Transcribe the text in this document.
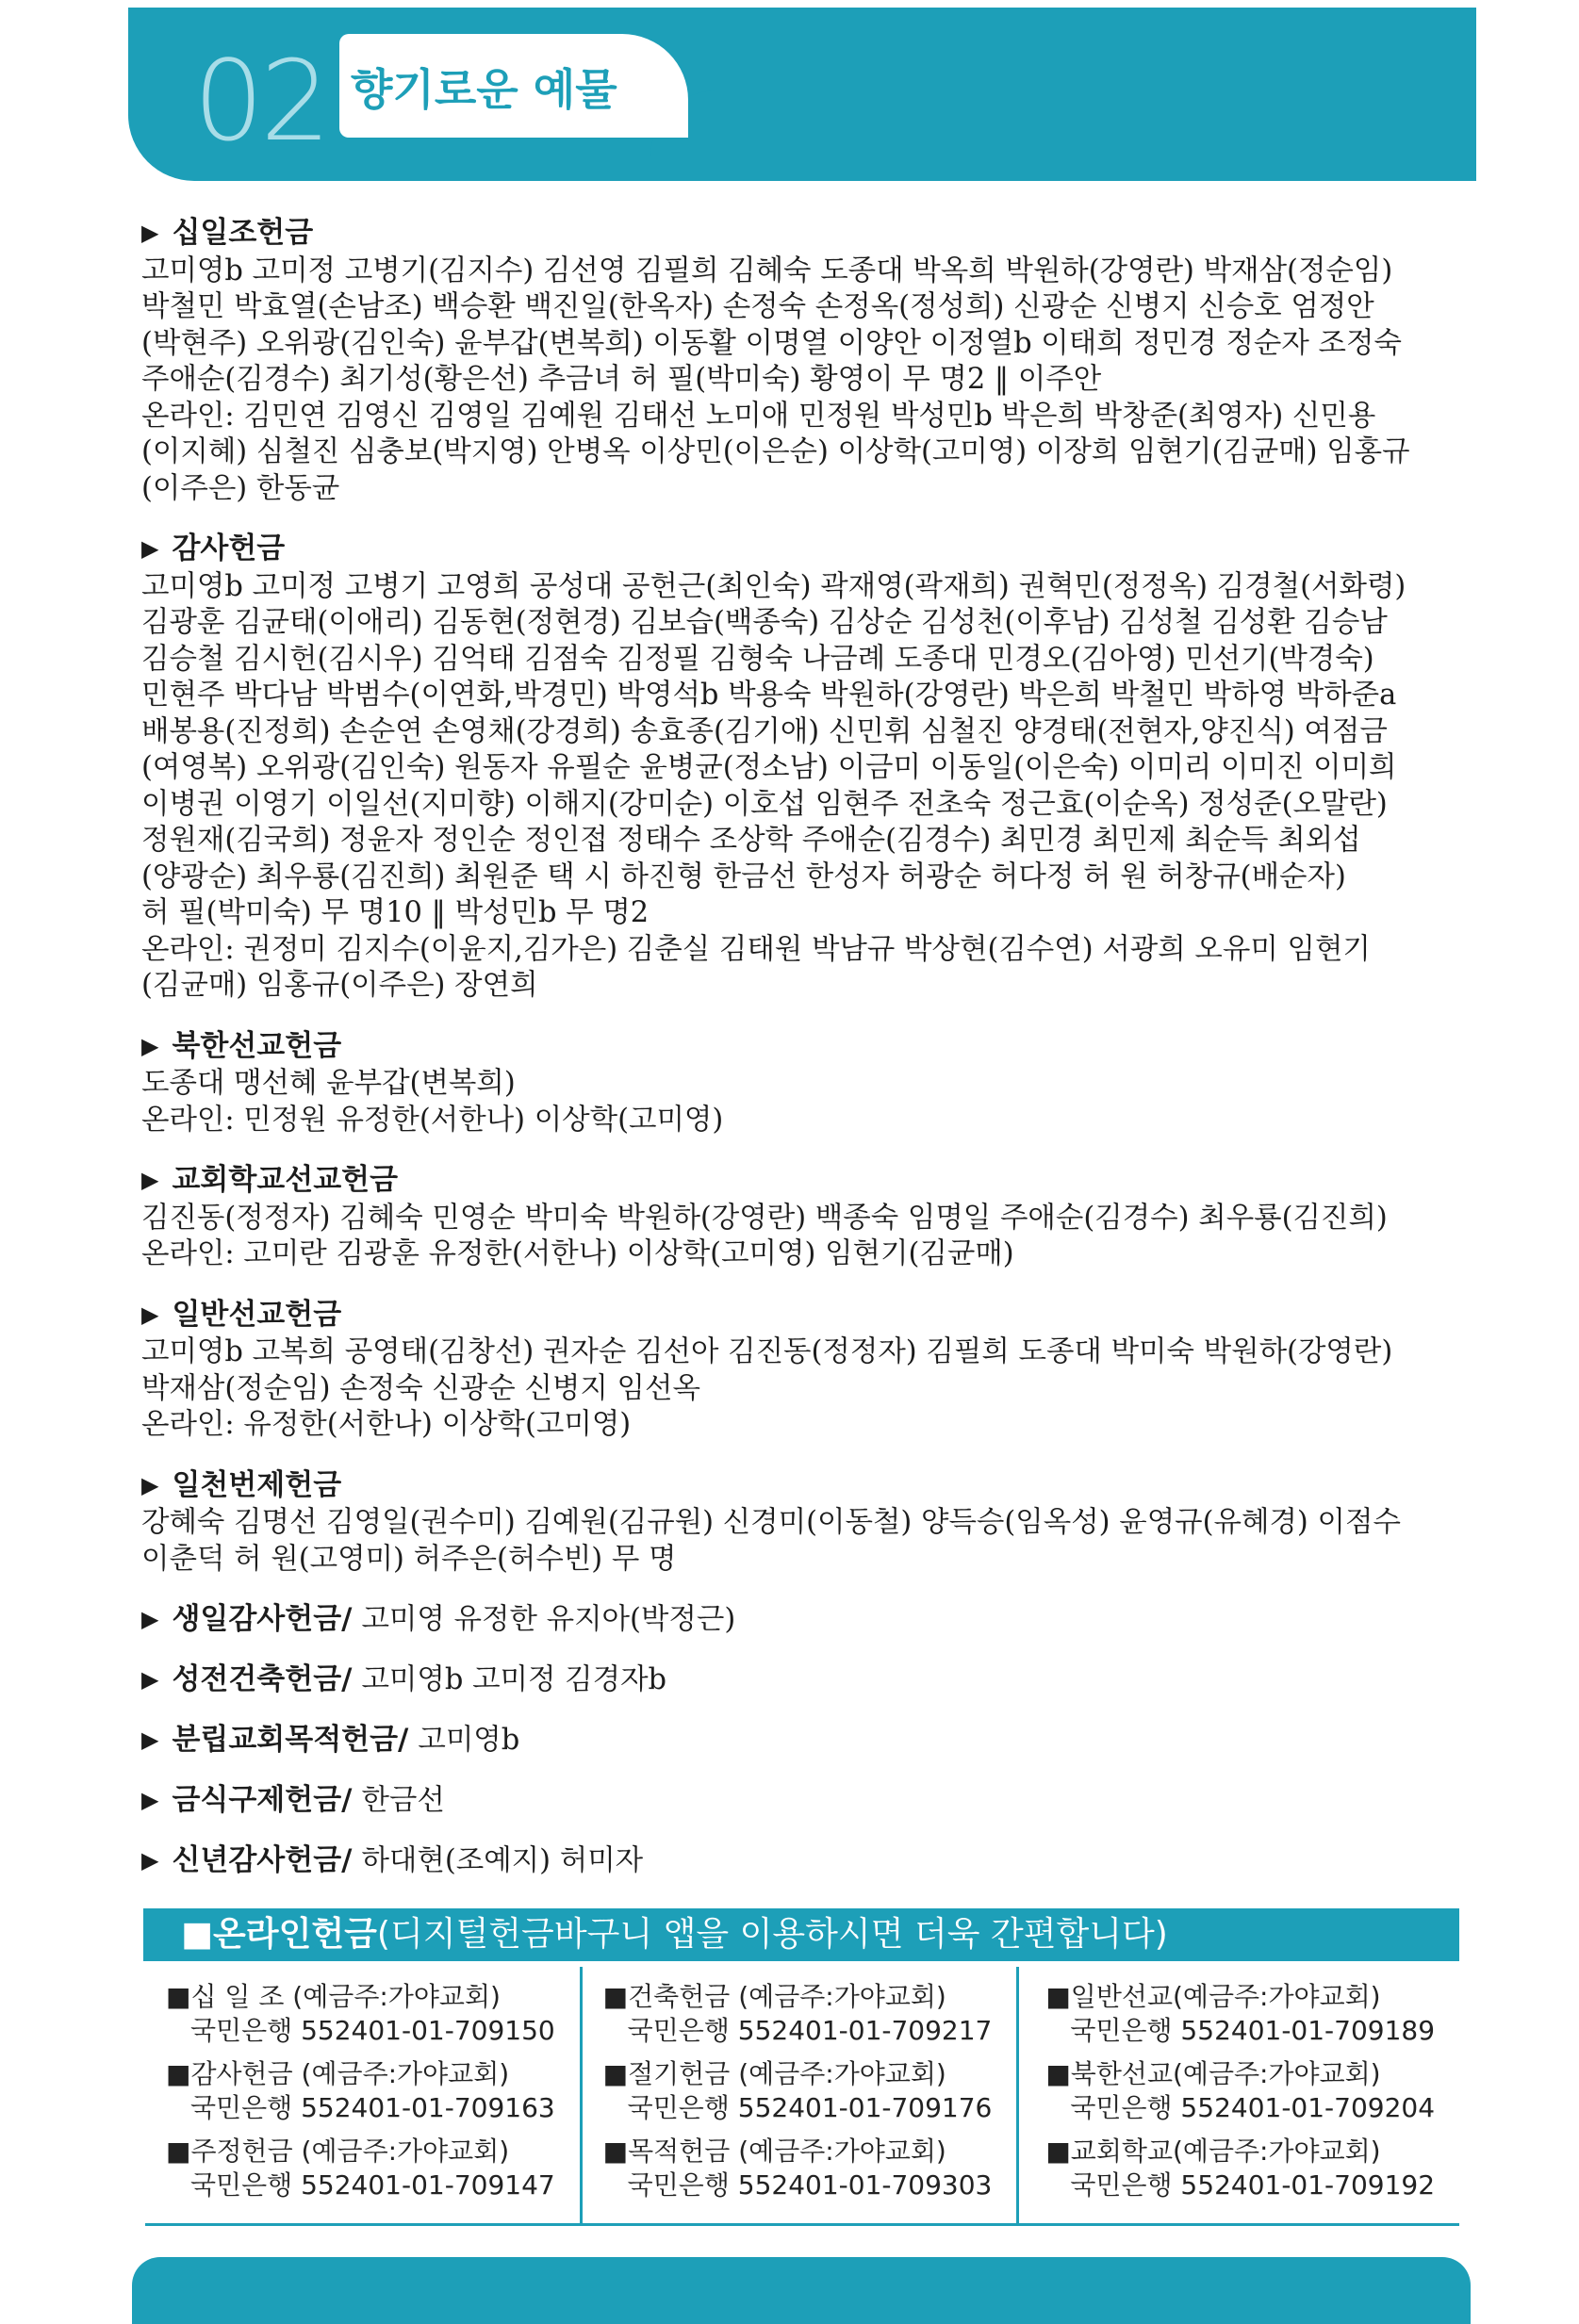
02 향기로운 예물
▶ 십일조헌금
고미영b 고미정 고병기(김지수) 김선영 김필희 김혜숙 도종대 박옥희 박원하(강영란) 박재삼(정순임)
박철민 박효열(손남조) 백승환 백진일(한옥자) 손정숙 손정옥(정성희) 신광순 신병지 신승호 엄정안
(박현주) 오위광(김인숙) 윤부갑(변복희) 이동활 이명열 이양안 이정열b 이태희 정민경 정순자 조정숙
주애순(김경수) 최기성(황은선) 추금녀 허 필(박미숙) 황영이 무 명2 ‖ 이주안
온라인: 김민연 김영신 김영일 김예원 김태선 노미애 민정원 박성민b 박은희 박창준(최영자) 신민용
(이지혜) 심철진 심충보(박지영) 안병옥 이상민(이은순) 이상학(고미영) 이장희 임현기(김균매) 임홍규
(이주은) 한동균
▶ 감사헌금
고미영b 고미정 고병기 고영희 공성대 공헌근(최인숙) 곽재영(곽재희) 권혁민(정정옥) 김경철(서화령)
김광훈 김균태(이애리) 김동현(정현경) 김보습(백종숙) 김상순 김성천(이후남) 김성철 김성환 김승남
김승철 김시헌(김시우) 김억태 김점숙 김정필 김형숙 나금례 도종대 민경오(김아영) 민선기(박경숙)
민현주 박다남 박범수(이연화,박경민) 박영석b 박용숙 박원하(강영란) 박은희 박철민 박하영 박하준a
배봉용(진정희) 손순연 손영채(강경희) 송효종(김기애) 신민휘 심철진 양경태(전현자,양진식) 여점금
(여영복) 오위광(김인숙) 원동자 유필순 윤병균(정소남) 이금미 이동일(이은숙) 이미리 이미진 이미희
이병권 이영기 이일선(지미향) 이해지(강미순) 이호섭 임현주 전초숙 정근효(이순옥) 정성준(오말란)
정원재(김국희) 정윤자 정인순 정인접 정태수 조상학 주애순(김경수) 최민경 최민제 최순득 최외섭
(양광순) 최우룡(김진희) 최원준 택 시 하진형 한금선 한성자 허광순 허다정 허 원 허창규(배순자)
허 필(박미숙) 무 명10 ‖ 박성민b 무 명2
온라인: 권정미 김지수(이윤지,김가은) 김춘실 김태원 박남규 박상현(김수연) 서광희 오유미 임현기
(김균매) 임홍규(이주은) 장연희
▶ 북한선교헌금
도종대 맹선혜 윤부갑(변복희)
온라인: 민정원 유정한(서한나) 이상학(고미영)
▶ 교회학교선교헌금
김진동(정정자) 김혜숙 민영순 박미숙 박원하(강영란) 백종숙 임명일 주애순(김경수) 최우룡(김진희)
온라인: 고미란 김광훈 유정한(서한나) 이상학(고미영) 임현기(김균매)
▶ 일반선교헌금
고미영b 고복희 공영태(김창선) 권자순 김선아 김진동(정정자) 김필희 도종대 박미숙 박원하(강영란)
박재삼(정순임) 손정숙 신광순 신병지 임선옥
온라인: 유정한(서한나) 이상학(고미영)
▶ 일천번제헌금
강혜숙 김명선 김영일(권수미) 김예원(김규원) 신경미(이동철) 양득승(임옥성) 윤영규(유혜경) 이점수
이춘덕 허 원(고영미) 허주은(허수빈) 무 명
▶ 생일감사헌금/ 고미영 유정한 유지아(박정근)
▶ 성전건축헌금/ 고미영b 고미정 김경자b
▶ 분립교회목적헌금/ 고미영b
▶ 금식구제헌금/ 한금선
▶ 신년감사헌금/ 하대현(조예지) 허미자
■온라인헌금(디지털헌금바구니 앱을 이용하시면 더욱 간편합니다)
■십 일 조 (예금주:가야교회)
국민은행 552401-01-709150
■감사헌금 (예금주:가야교회)
국민은행 552401-01-709163
■주정헌금 (예금주:가야교회)
국민은행 552401-01-709147
■건축헌금 (예금주:가야교회)
국민은행 552401-01-709217
■절기헌금 (예금주:가야교회)
국민은행 552401-01-709176
■목적헌금 (예금주:가야교회)
국민은행 552401-01-709303
■일반선교(예금주:가야교회)
국민은행 552401-01-709189
■북한선교(예금주:가야교회)
국민은행 552401-01-709204
■교회학교(예금주:가야교회)
국민은행 552401-01-709192
